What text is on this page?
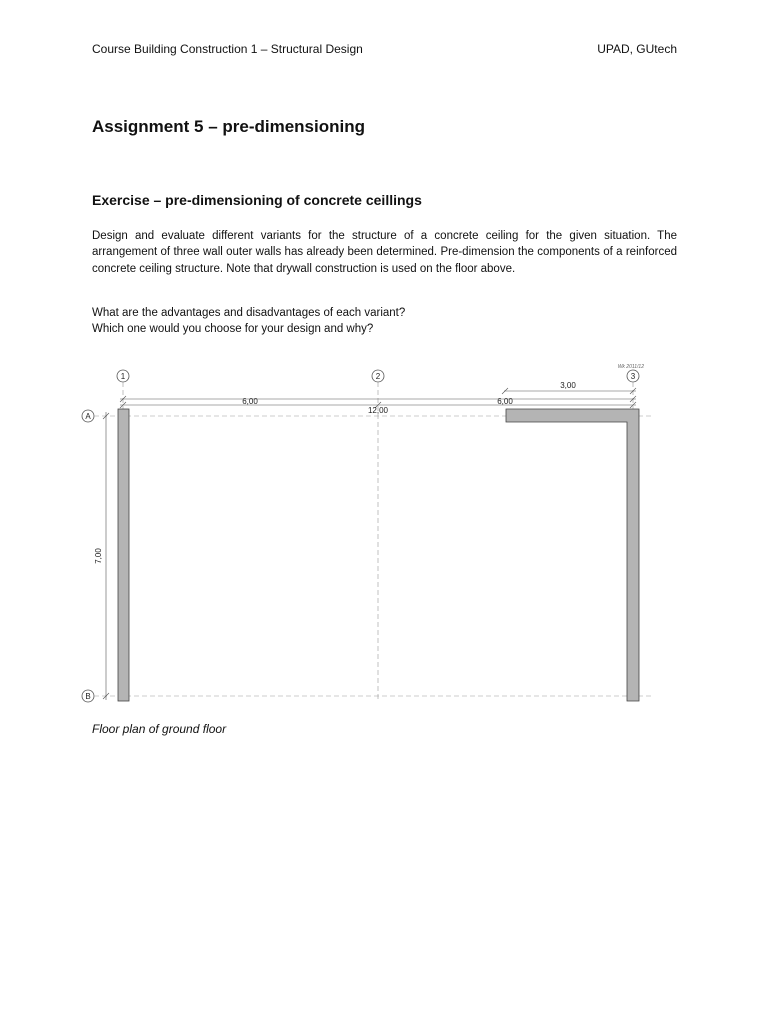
Course Building Construction 1 – Structural Design	UPAD, GUtech
Assignment 5 – pre-dimensioning
Exercise – pre-dimensioning of concrete ceillings

Design and evaluate different variants for the structure of a concrete ceiling for the given situation. The arrangement of three wall outer walls has already been determined. Pre-dimension the components of a reinforced concrete ceiling structure. Note that drywall construction is used on the floor above.

What are the advantages and disadvantages of each variant?

Which one would you choose for your design and why?

Wk 2011/12
1	2	3
A
B
6,00
12,00
6,00
3,00
7,00

Floor plan of ground floor
